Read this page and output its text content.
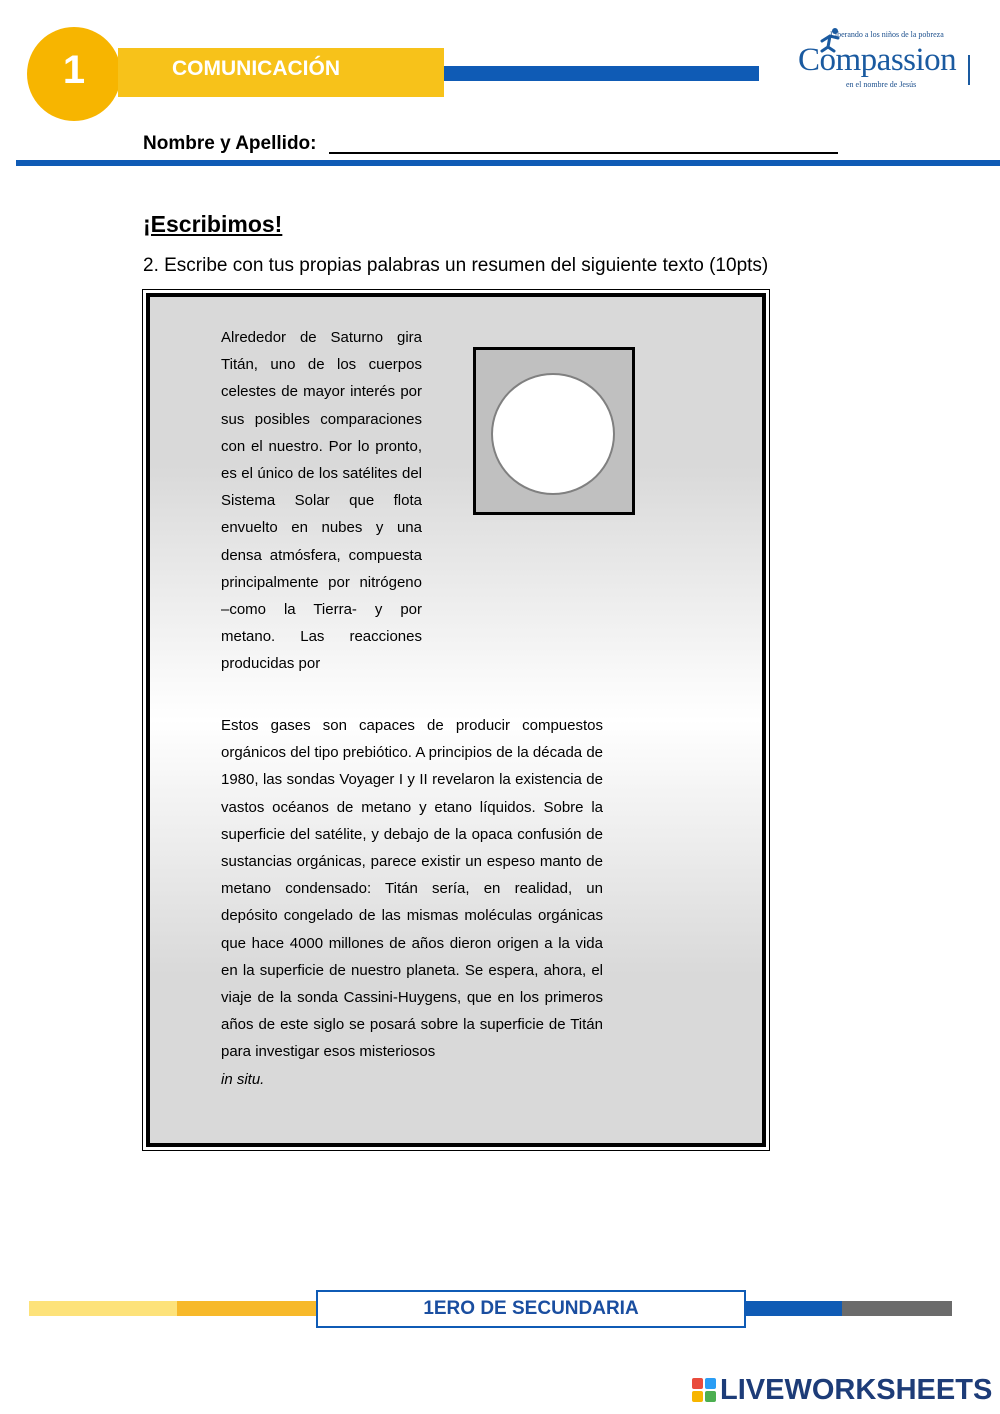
1	COMUNICACIÓN
Liberando a los niños de la pobreza
Compassion
en el nombre de Jesús
Nombre y Apellido:
¡Escribimos!
2. Escribe con tus propias palabras un resumen del siguiente texto (10pts)

Alrededor de Saturno gira Titán, uno de los cuerpos celestes de mayor interés por sus posibles comparaciones con el nuestro. Por lo pronto, es el único de los satélites del Sistema Solar que flota envuelto en nubes y una densa atmósfera, compuesta principalmente por nitrógeno –como la Tierra- y por metano. Las reacciones producidas por

Estos gases son capaces de producir compuestos orgánicos del tipo prebiótico. A principios de la década de 1980, las sondas Voyager I y II revelaron la existencia de vastos océanos de metano y etano líquidos. Sobre la superficie del satélite, y debajo de la opaca confusión de sustancias orgánicas, parece existir un espeso manto de metano condensado: Titán sería, en realidad, un depósito congelado de las mismas moléculas orgánicas que hace 4000 millones de años dieron origen a la vida en la superficie de nuestro planeta. Se espera, ahora, el viaje de la sonda Cassini-Huygens, que en los primeros años de este siglo se posará sobre la superficie de Titán para investigar esos misteriosos
in situ.

1ERO DE SECUNDARIA
LIVEWORKSHEETS
